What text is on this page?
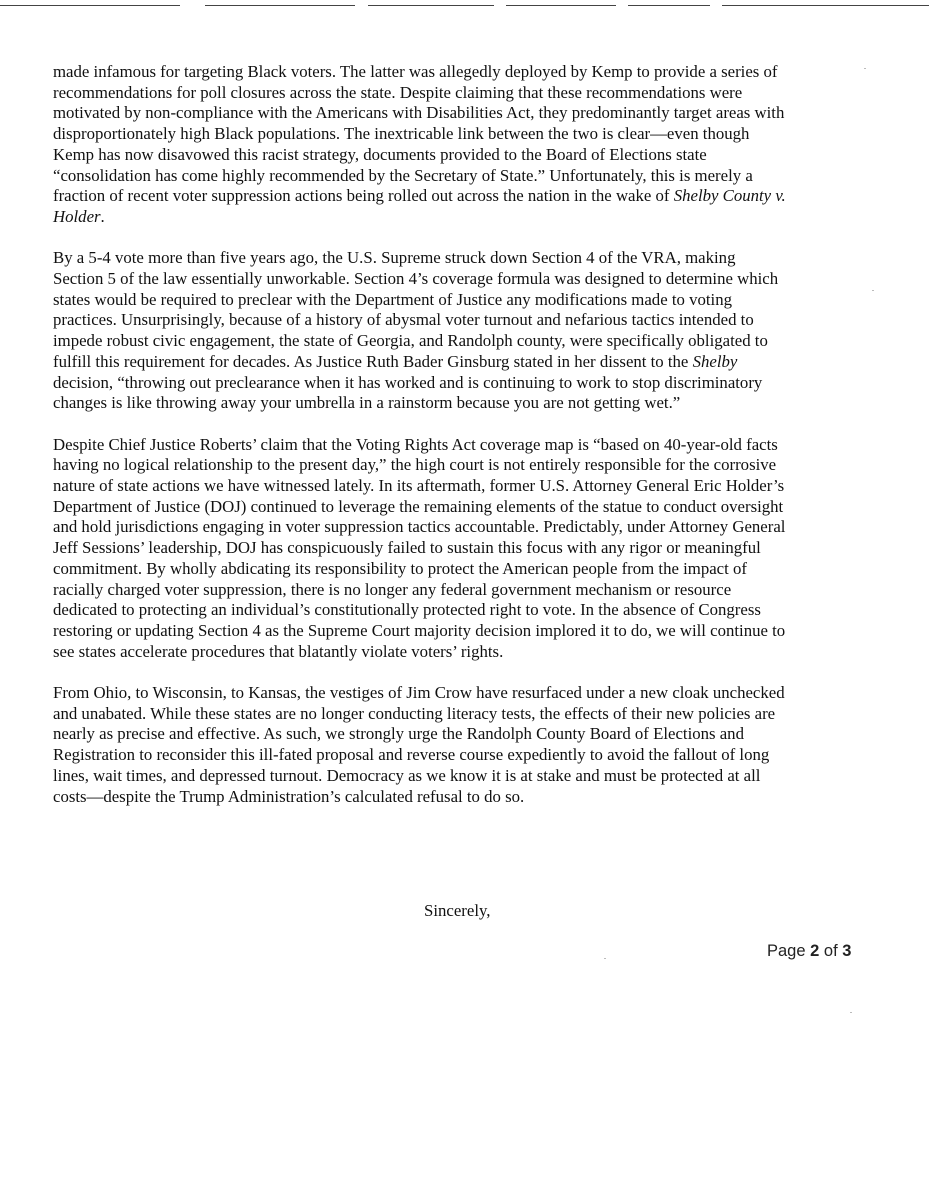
made infamous for targeting Black voters. The latter was allegedly deployed by Kemp to provide a series of
recommendations for poll closures across the state. Despite claiming that these recommendations were
motivated by non-compliance with the Americans with Disabilities Act, they predominantly target areas with
disproportionately high Black populations. The inextricable link between the two is clear—even though
Kemp has now disavowed this racist strategy, documents provided to the Board of Elections state
“consolidation has come highly recommended by the Secretary of State.” Unfortunately, this is merely a
fraction of recent voter suppression actions being rolled out across the nation in the wake of Shelby County v.
Holder.

By a 5-4 vote more than five years ago, the U.S. Supreme struck down Section 4 of the VRA, making
Section 5 of the law essentially unworkable. Section 4’s coverage formula was designed to determine which
states would be required to preclear with the Department of Justice any modifications made to voting
practices. Unsurprisingly, because of a history of abysmal voter turnout and nefarious tactics intended to
impede robust civic engagement, the state of Georgia, and Randolph county, were specifically obligated to
fulfill this requirement for decades. As Justice Ruth Bader Ginsburg stated in her dissent to the Shelby
decision, “throwing out preclearance when it has worked and is continuing to work to stop discriminatory
changes is like throwing away your umbrella in a rainstorm because you are not getting wet.”

Despite Chief Justice Roberts’ claim that the Voting Rights Act coverage map is “based on 40-year-old facts
having no logical relationship to the present day,” the high court is not entirely responsible for the corrosive
nature of state actions we have witnessed lately. In its aftermath, former U.S. Attorney General Eric Holder’s
Department of Justice (DOJ) continued to leverage the remaining elements of the statue to conduct oversight
and hold jurisdictions engaging in voter suppression tactics accountable. Predictably, under Attorney General
Jeff Sessions’ leadership, DOJ has conspicuously failed to sustain this focus with any rigor or meaningful
commitment. By wholly abdicating its responsibility to protect the American people from the impact of
racially charged voter suppression, there is no longer any federal government mechanism or resource
dedicated to protecting an individual’s constitutionally protected right to vote. In the absence of Congress
restoring or updating Section 4 as the Supreme Court majority decision implored it to do, we will continue to
see states accelerate procedures that blatantly violate voters’ rights.

From Ohio, to Wisconsin, to Kansas, the vestiges of Jim Crow have resurfaced under a new cloak unchecked
and unabated. While these states are no longer conducting literacy tests, the effects of their new policies are
nearly as precise and effective. As such, we strongly urge the Randolph County Board of Elections and
Registration to reconsider this ill-fated proposal and reverse course expediently to avoid the fallout of long
lines, wait times, and depressed turnout. Democracy as we know it is at stake and must be protected at all
costs—despite the Trump Administration’s calculated refusal to do so.

Sincerely,
Page 2 of 3
